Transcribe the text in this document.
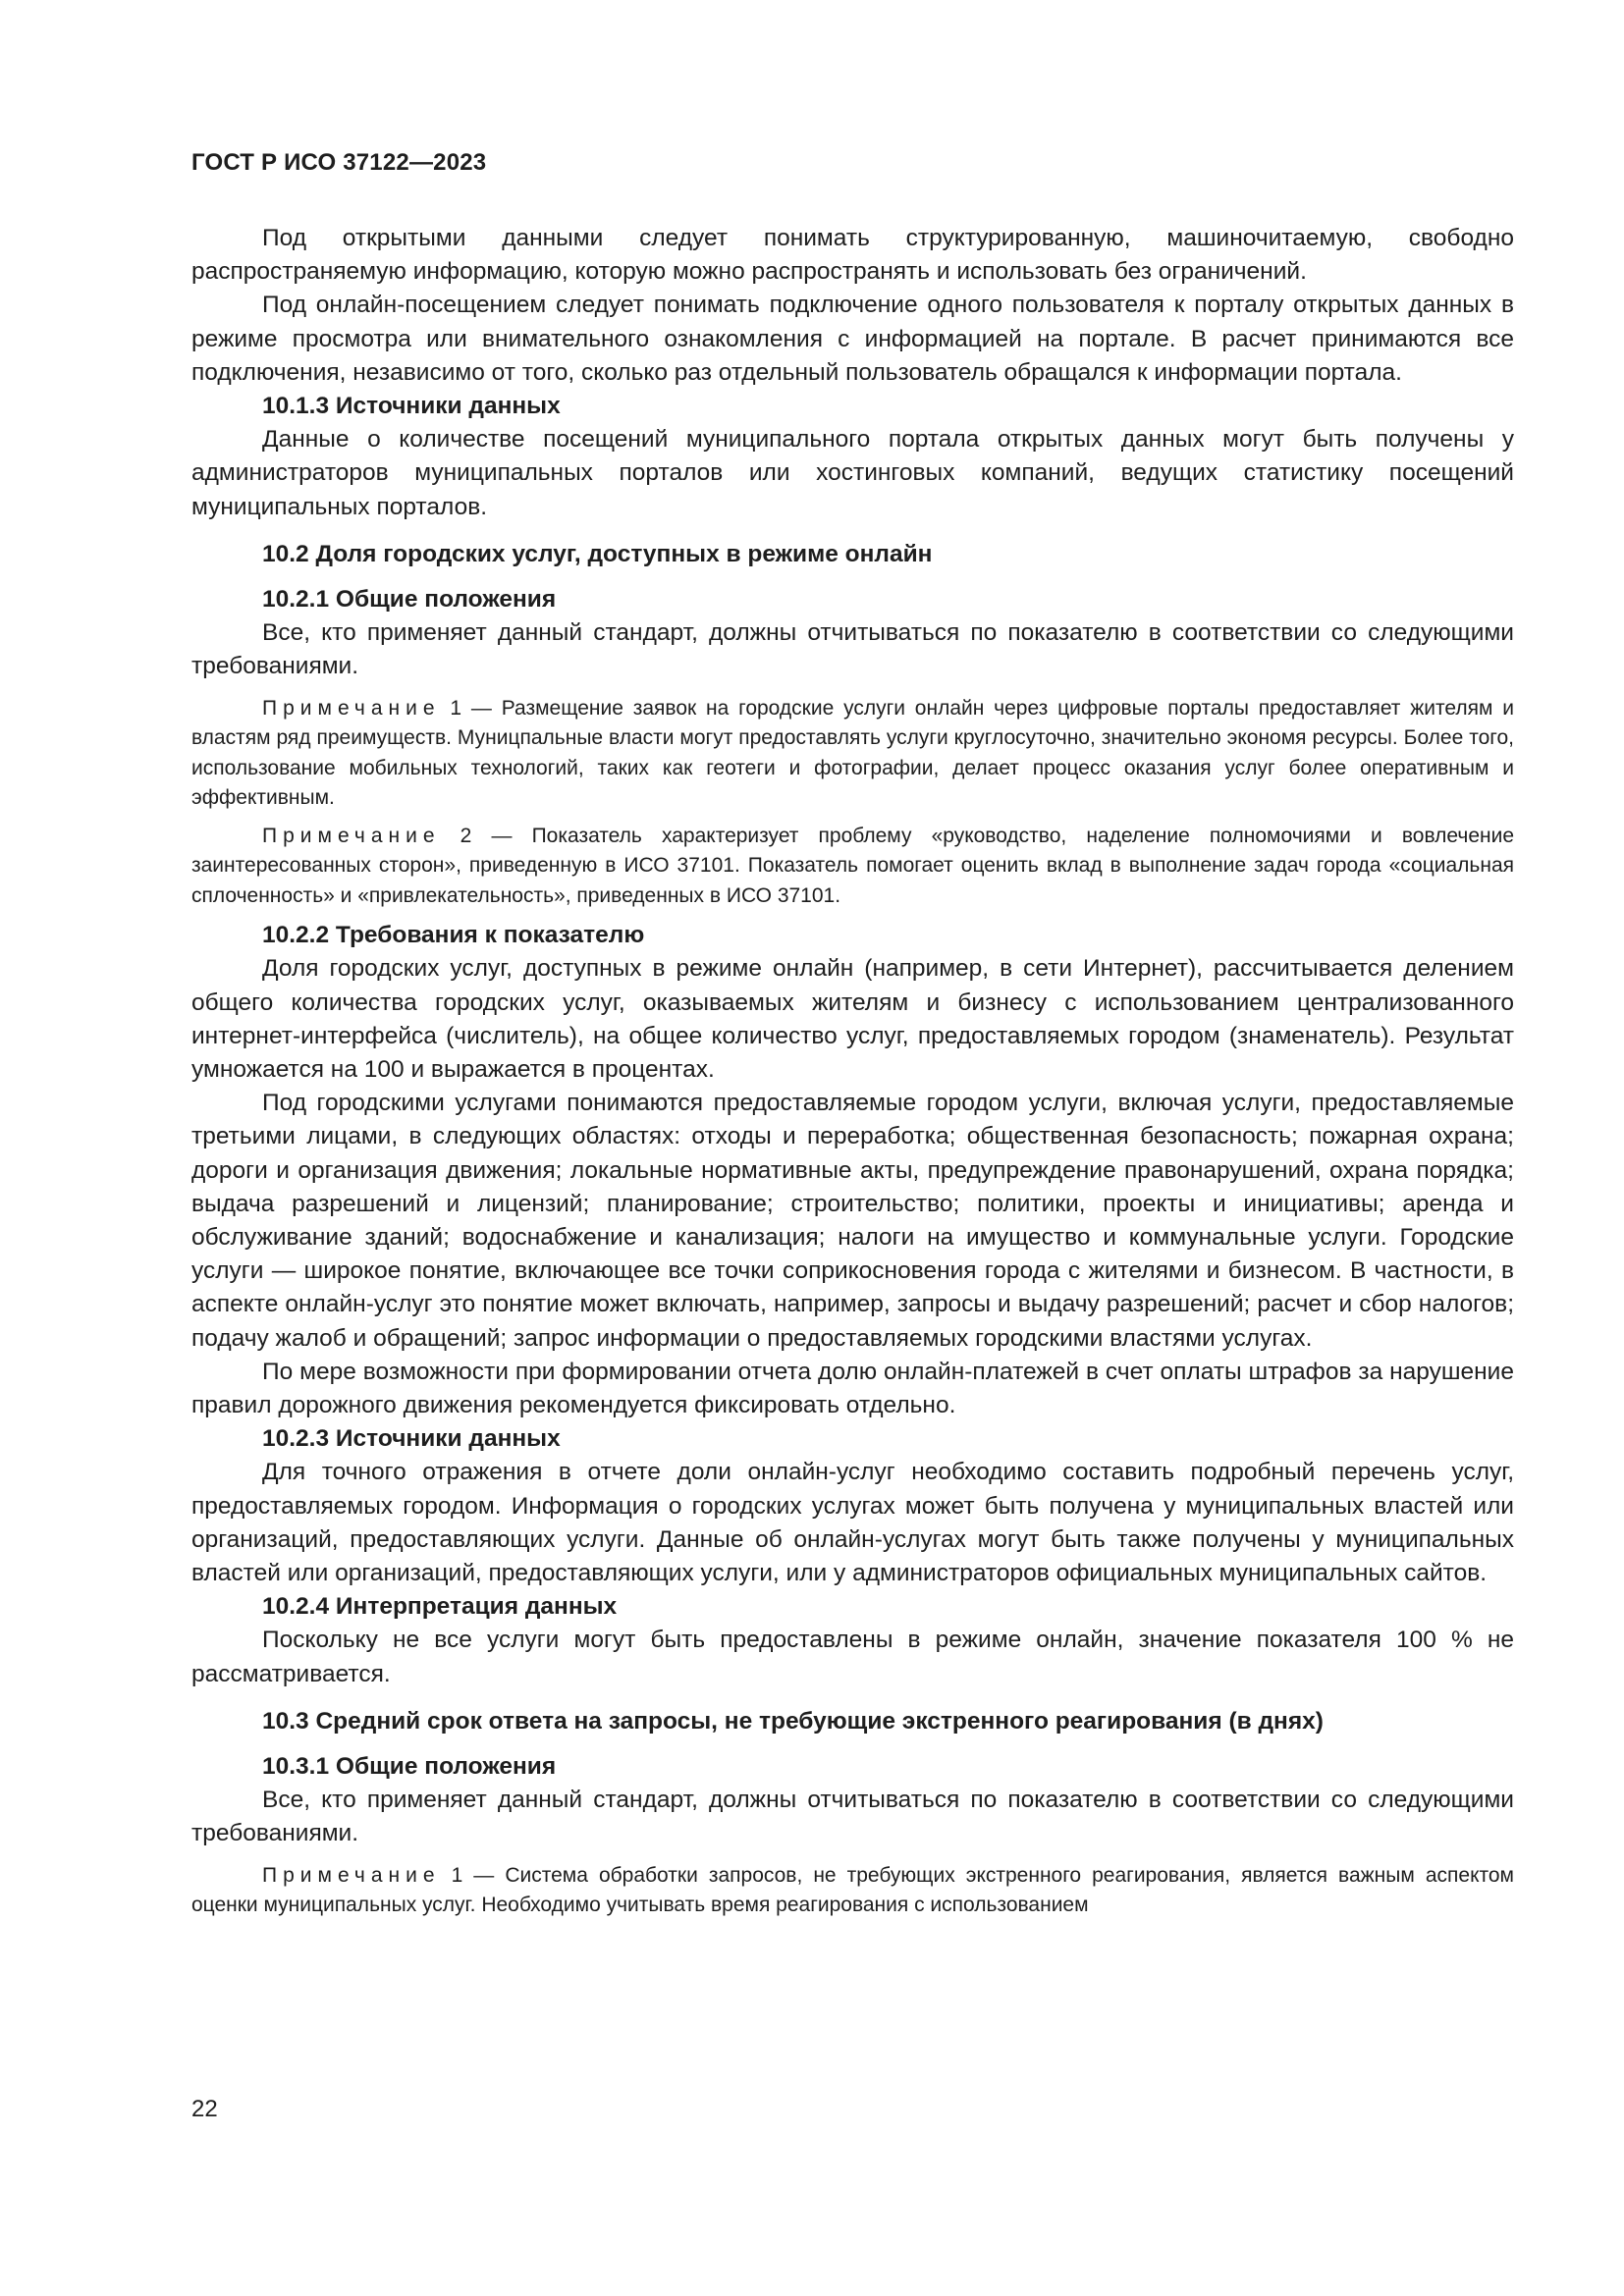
ГОСТ Р ИСО 37122—2023

Под открытыми данными следует понимать структурированную, машиночитаемую, свободно распространяемую информацию, которую можно распространять и использовать без ограничений.

Под онлайн-посещением следует понимать подключение одного пользователя к порталу открытых данных в режиме просмотра или внимательного ознакомления с информацией на портале. В расчет принимаются все подключения, независимо от того, сколько раз отдельный пользователь обращался к информации портала.

10.1.3 Источники данных

Данные о количестве посещений муниципального портала открытых данных могут быть получены у администраторов муниципальных порталов или хостинговых компаний, ведущих статистику посещений муниципальных порталов.

10.2 Доля городских услуг, доступных в режиме онлайн

10.2.1 Общие положения

Все, кто применяет данный стандарт, должны отчитываться по показателю в соответствии со следующими требованиями.

Примечание 1 — Размещение заявок на городские услуги онлайн через цифровые порталы предоставляет жителям и властям ряд преимуществ. Муницпальные власти могут предоставлять услуги круглосуточно, значительно экономя ресурсы. Более того, использование мобильных технологий, таких как геотеги и фотографии, делает процесс оказания услуг более оперативным и эффективным.

Примечание 2 — Показатель характеризует проблему «руководство, наделение полномочиями и вовлечение заинтересованных сторон», приведенную в ИСО 37101. Показатель помогает оценить вклад в выполнение задач города «социальная сплоченность» и «привлекательность», приведенных в ИСО 37101.

10.2.2 Требования к показателю

Доля городских услуг, доступных в режиме онлайн (например, в сети Интернет), рассчитывается делением общего количества городских услуг, оказываемых жителям и бизнесу с использованием централизованного интернет-интерфейса (числитель), на общее количество услуг, предоставляемых городом (знаменатель). Результат умножается на 100 и выражается в процентах.

Под городскими услугами понимаются предоставляемые городом услуги, включая услуги, предоставляемые третьими лицами, в следующих областях: отходы и переработка; общественная безопасность; пожарная охрана; дороги и организация движения; локальные нормативные акты, предупреждение правонарушений, охрана порядка; выдача разрешений и лицензий; планирование; строительство; политики, проекты и инициативы; аренда и обслуживание зданий; водоснабжение и канализация; налоги на имущество и коммунальные услуги. Городские услуги — широкое понятие, включающее все точки соприкосновения города с жителями и бизнесом. В частности, в аспекте онлайн-услуг это понятие может включать, например, запросы и выдачу разрешений; расчет и сбор налогов; подачу жалоб и обращений; запрос информации о предоставляемых городскими властями услугах.

По мере возможности при формировании отчета долю онлайн-платежей в счет оплаты штрафов за нарушение правил дорожного движения рекомендуется фиксировать отдельно.

10.2.3 Источники данных

Для точного отражения в отчете доли онлайн-услуг необходимо составить подробный перечень услуг, предоставляемых городом. Информация о городских услугах может быть получена у муниципальных властей или организаций, предоставляющих услуги. Данные об онлайн-услугах могут быть также получены у муниципальных властей или организаций, предоставляющих услуги, или у администраторов официальных муниципальных сайтов.

10.2.4 Интерпретация данных

Поскольку не все услуги могут быть предоставлены в режиме онлайн, значение показателя 100 % не рассматривается.

10.3 Средний срок ответа на запросы, не требующие экстренного реагирования (в днях)

10.3.1 Общие положения

Все, кто применяет данный стандарт, должны отчитываться по показателю в соответствии со следующими требованиями.

Примечание 1 — Система обработки запросов, не требующих экстренного реагирования, является важным аспектом оценки муниципальных услуг. Необходимо учитывать время реагирования с использованием

22
